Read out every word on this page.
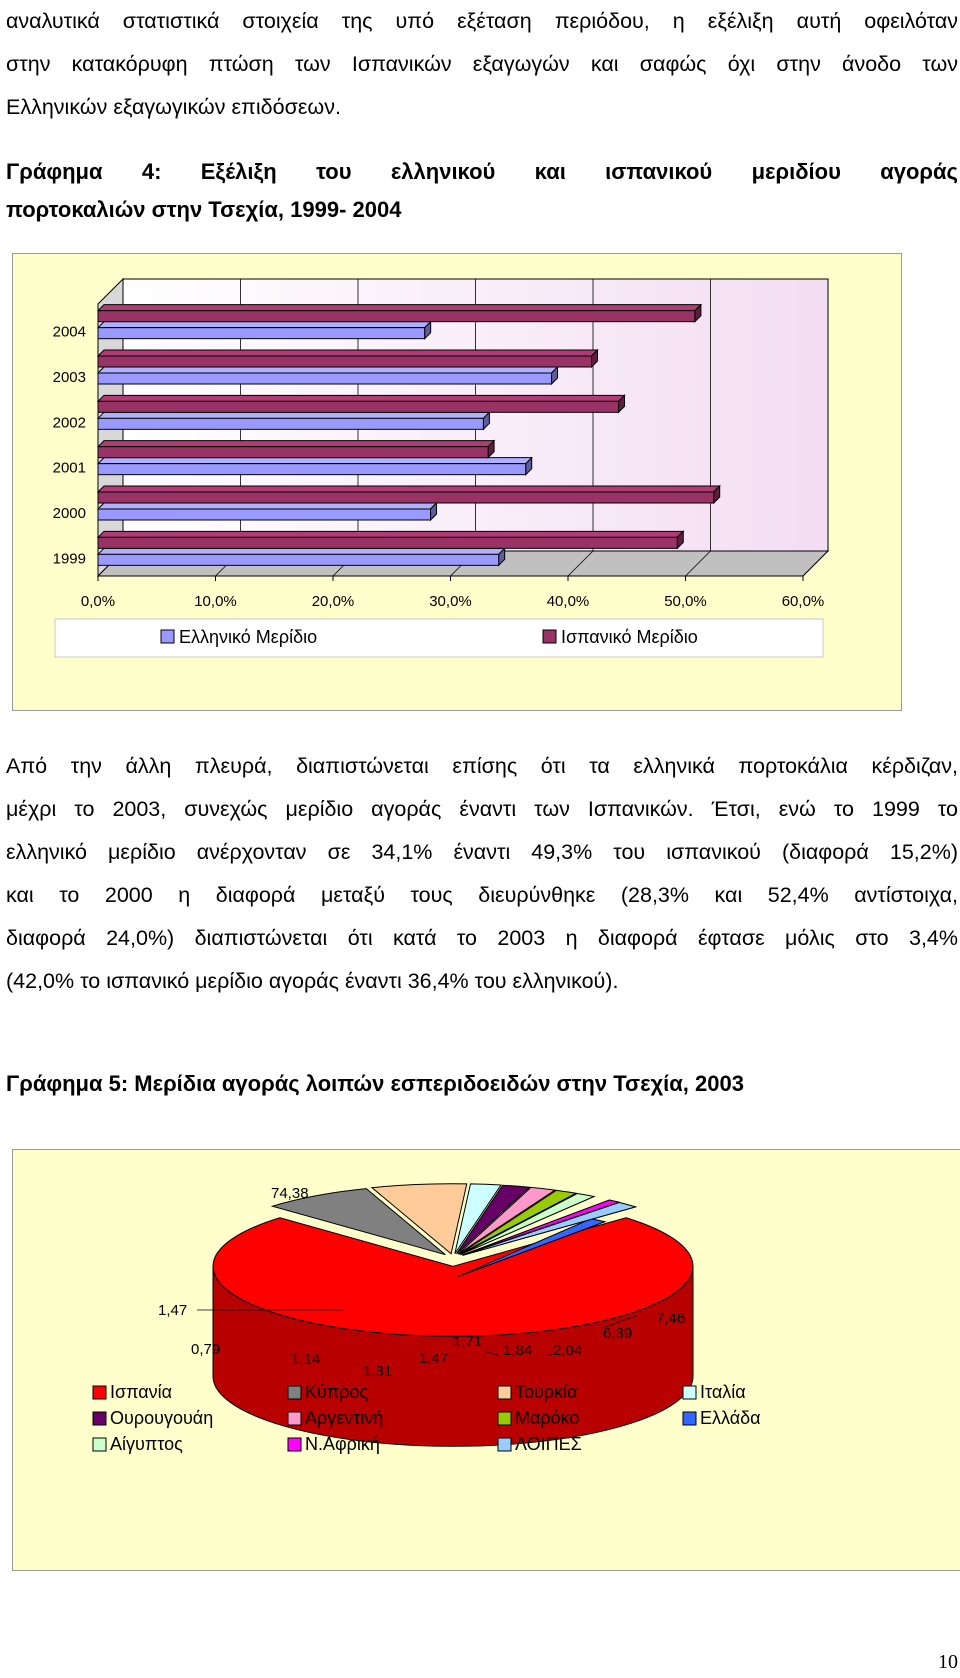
αναλυτικά στατιστικά στοιχεία της υπό εξέταση περιόδου, η εξέλιξη αυτή οφειλόταν
στην κατακόρυφη πτώση των Ισπανικών εξαγωγών και σαφώς όχι στην άνοδο των
Ελληνικών εξαγωγικών επιδόσεων.
Γράφημα 4: Εξέλιξη του ελληνικού και ισπανικού μεριδίου αγοράς
πορτοκαλιών στην Τσεχία, 1999- 2004
0,0%	10,0%	20,0%	30,0%	40,0%	50,0%	60,0%
2004
2003
2002
2001
2000
1999
Ελληνικό Μερίδιο	Ισπανικό Μερίδιο
Από την άλλη πλευρά, διαπιστώνεται επίσης ότι τα ελληνικά πορτοκάλια κέρδιζαν,
μέχρι το 2003, συνεχώς μερίδιο αγοράς έναντι των Ισπανικών. Έτσι, ενώ το 1999 το
ελληνικό μερίδιο ανέρχονταν σε 34,1% έναντι 49,3% του ισπανικού (διαφορά 15,2%)
και το 2000 η διαφορά μεταξύ τους διευρύνθηκε (28,3% και 52,4% αντίστοιχα,
διαφορά 24,0%) διαπιστώνεται ότι κατά το 2003 η διαφορά έφτασε μόλις στο 3,4%
(42,0% το ισπανικό μερίδιο αγοράς έναντι 36,4% του ελληνικού).
Γράφημα 5: Μερίδια αγοράς λοιπών εσπεριδοειδών στην Τσεχία, 2003
74,38
7,46
6,39
2,04
1,84
1,71
1,47
1,31
1,14
0,79
1,47
Ισπανία	Κύπρος	Τουρκία	Ιταλία
Ουρουγουάη	Αργεντινή	Μαρόκο	Ελλάδα
Αίγυπτος	Ν.Αφρική	ΛΟΙΠΕΣ
10
